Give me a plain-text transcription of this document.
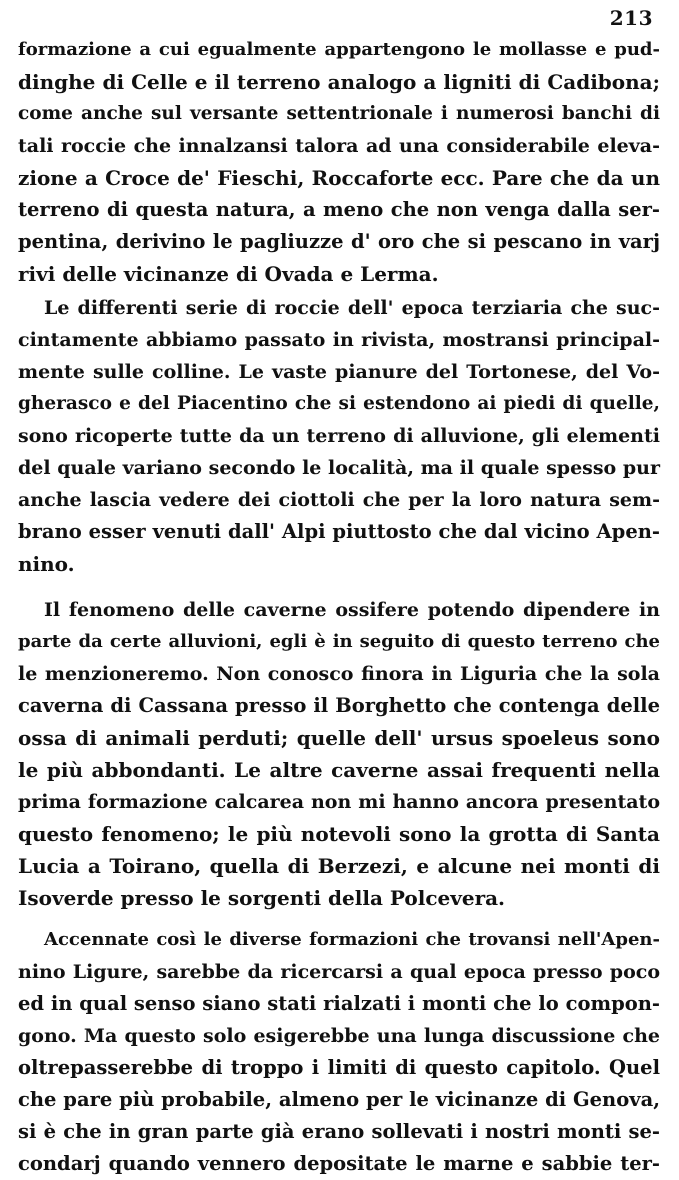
213
formazione a cui egualmente appartengono le mollasse e pud-
dinghe di Celle e il terreno analogo a ligniti di Cadibona;
come anche sul versante settentrionale i numerosi banchi di
tali roccie che innalzansi talora ad una considerabile eleva-
zione a Croce de' Fieschi, Roccaforte ecc. Pare che da un
terreno di questa natura, a meno che non venga dalla ser-
pentina, derivino le pagliuzze d' oro che si pescano in varj
rivi delle vicinanze di Ovada e Lerma.
Le differenti serie di roccie dell' epoca terziaria che suc-
cintamente abbiamo passato in rivista, mostransi principal-
mente sulle colline. Le vaste pianure del Tortonese, del Vo-
gherasco e del Piacentino che si estendono ai piedi di quelle,
sono ricoperte tutte da un terreno di alluvione, gli elementi
del quale variano secondo le località, ma il quale spesso pur
anche lascia vedere dei ciottoli che per la loro natura sem-
brano esser venuti dall' Alpi piuttosto che dal vicino Apen-
nino.
Il fenomeno delle caverne ossifere potendo dipendere in
parte da certe alluvioni, egli è in seguito di questo terreno che
le menzioneremo. Non conosco finora in Liguria che la sola
caverna di Cassana presso il Borghetto che contenga delle
ossa di animali perduti; quelle dell' ursus spoeleus sono
le più abbondanti. Le altre caverne assai frequenti nella
prima formazione calcarea non mi hanno ancora presentato
questo fenomeno; le più notevoli sono la grotta di Santa
Lucia a Toirano, quella di Berzezi, e alcune nei monti di
Isoverde presso le sorgenti della Polcevera.
Accennate così le diverse formazioni che trovansi nell'Apen-
nino Ligure, sarebbe da ricercarsi a qual epoca presso poco
ed in qual senso siano stati rialzati i monti che lo compon-
gono. Ma questo solo esigerebbe una lunga discussione che
oltrepasserebbe di troppo i limiti di questo capitolo. Quel
che pare più probabile, almeno per le vicinanze di Genova,
si è che in gran parte già erano sollevati i nostri monti se-
condarj quando vennero depositate le marne e sabbie ter-
